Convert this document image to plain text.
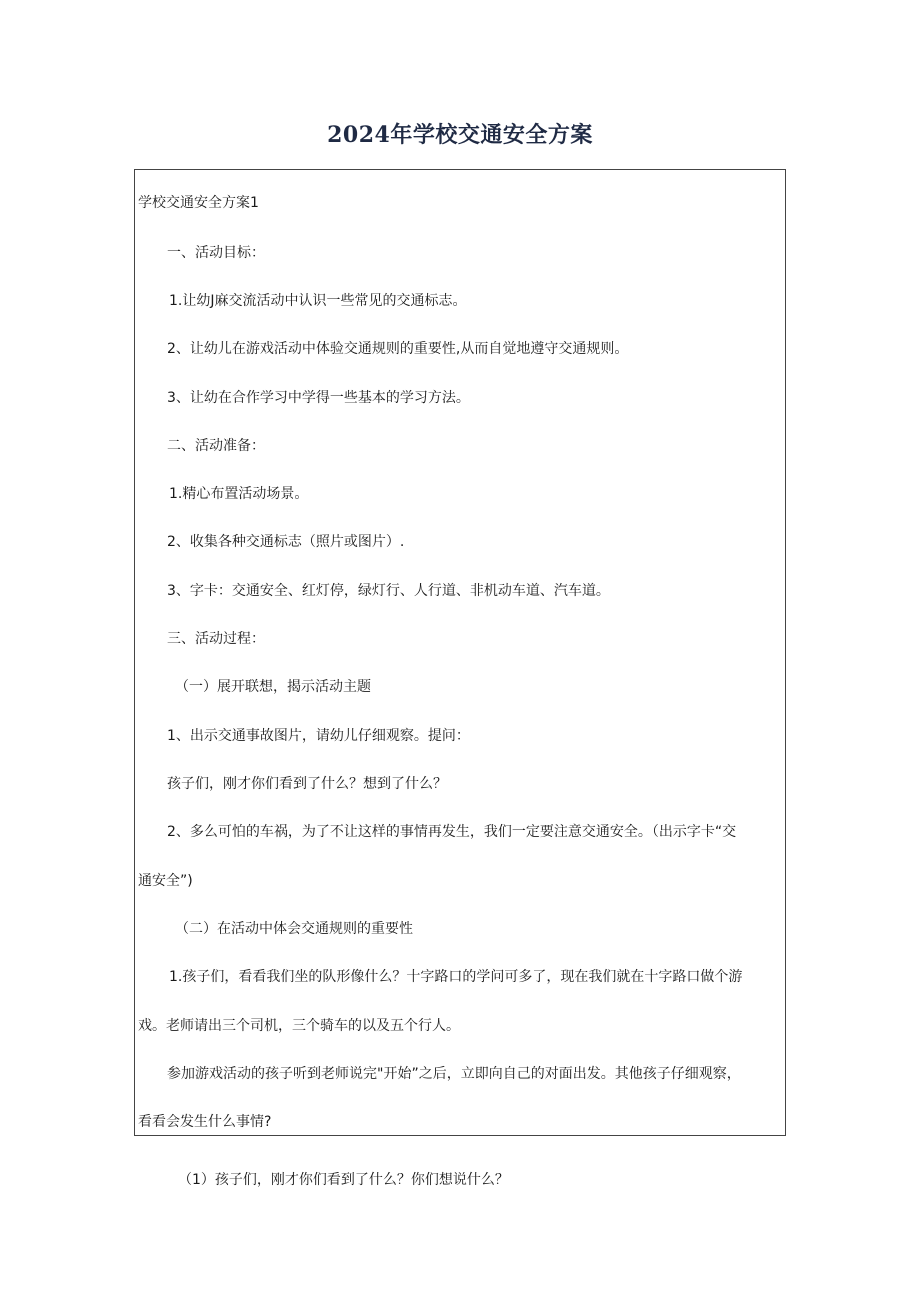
2024年学校交通安全方案
学校交通安全方案1
一、活动目标：
1.让幼J麻交流活动中认识一些常见的交通标志。
2、让幼儿在游戏活动中体验交通规则的重要性,从而自觉地遵守交通规则。
3、让幼在合作学习中学得一些基本的学习方法。
二、活动准备：
1.精心布置活动场景。
2、收集各种交通标志（照片或图片）.
3、字卡：交通安全、红灯停，绿灯行、人行道、非机动车道、汽车道。
三、活动过程：
（一）展开联想，揭示活动主题
1、出示交通事故图片，请幼儿仔细观察。提问：
孩子们，刚才你们看到了什么？想到了什么？
2、多么可怕的车祸，为了不让这样的事情再发生，我们一定要注意交通安全。（出示字卡“交
通安全”)
（二）在活动中体会交通规则的重要性
1.孩子们，看看我们坐的队形像什么？十字路口的学问可多了，现在我们就在十字路口做个游
戏。老师请出三个司机，三个骑车的以及五个行人。
参加游戏活动的孩子听到老师说完"开始”之后，立即向自己的对面出发。其他孩子仔细观察，
看看会发生什么事情?
（1）孩子们，刚才你们看到了什么？你们想说什么？
